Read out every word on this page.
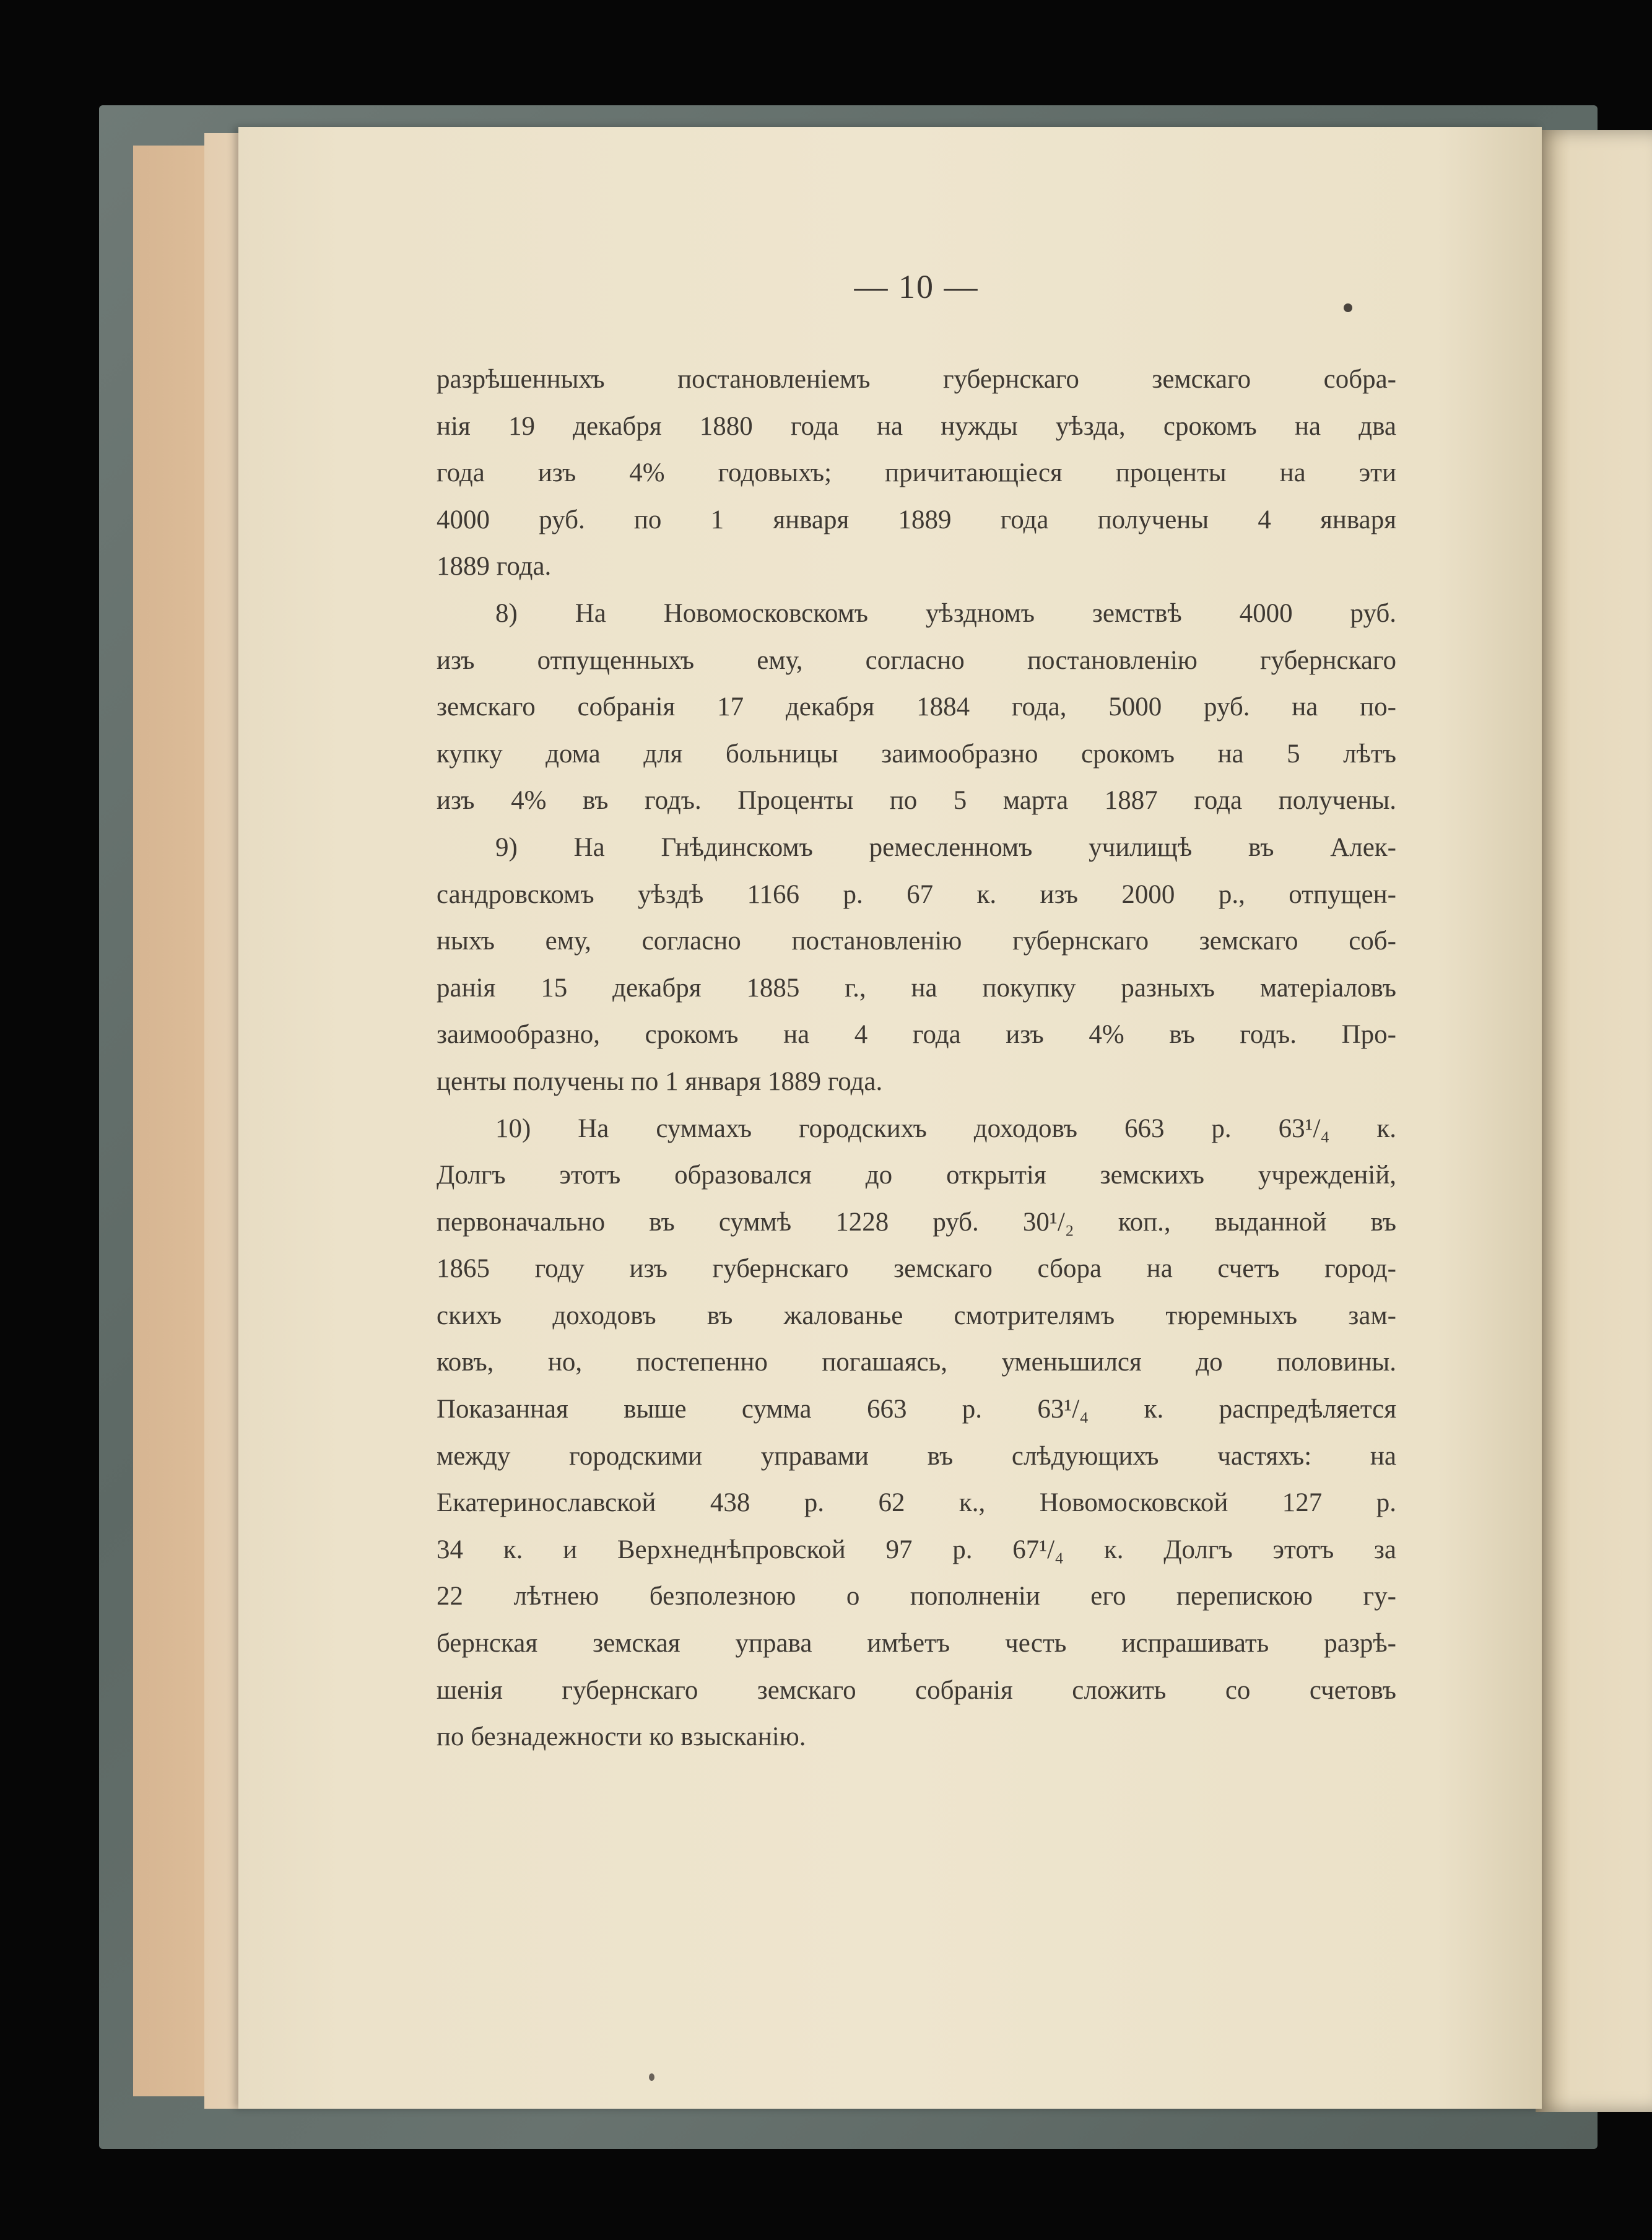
— 10 —
разрѣшенныхъ постановленіемъ губернскаго земскаго собра-
нія 19 декабря 1880 года на нужды уѣзда, срокомъ на два
года изъ 4% годовыхъ; причитающіеся проценты на эти
4000 руб. по 1 января 1889 года получены 4 января
1889 года.
8) На Новомосковскомъ уѣздномъ земствѣ 4000 руб.
изъ отпущенныхъ ему, согласно постановленію губернскаго
земскаго собранія 17 декабря 1884 года, 5000 руб. на по-
купку дома для больницы заимообразно срокомъ на 5 лѣтъ
изъ 4% въ годъ. Проценты по 5 марта 1887 года получены.
9) На Гнѣдинскомъ ремесленномъ училищѣ въ Алек-
сандровскомъ уѣздѣ 1166 р. 67 к. изъ 2000 р., отпущен-
ныхъ ему, согласно постановленію губернскаго земскаго соб-
ранія 15 декабря 1885 г., на покупку разныхъ матеріаловъ
заимообразно, срокомъ на 4 года изъ 4% въ годъ. Про-
центы получены по 1 января 1889 года.
10) На суммахъ городскихъ доходовъ 663 р. 63¹/₄ к.
Долгъ этотъ образовался до открытія земскихъ учрежденій,
первоначально въ суммѣ 1228 руб. 30¹/₂ коп., выданной въ
1865 году изъ губернскаго земскаго сбора на счетъ город-
скихъ доходовъ въ жалованье смотрителямъ тюремныхъ зам-
ковъ, но, постепенно погашаясь, уменьшился до половины.
Показанная выше сумма 663 р. 63¹/₄ к. распредѣляется
между городскими управами въ слѣдующихъ частяхъ: на
Екатеринославской 438 р. 62 к., Новомосковской 127 р.
34 к. и Верхнеднѣпровской 97 р. 67¹/₄ к. Долгъ этотъ за
22 лѣтнею безполезною о пополненіи его перепискою гу-
бернская земская управа имѣетъ честь испрашивать разрѣ-
шенія губернскаго земскаго собранія сложить со счетовъ
по безнадежности ко взысканію.
